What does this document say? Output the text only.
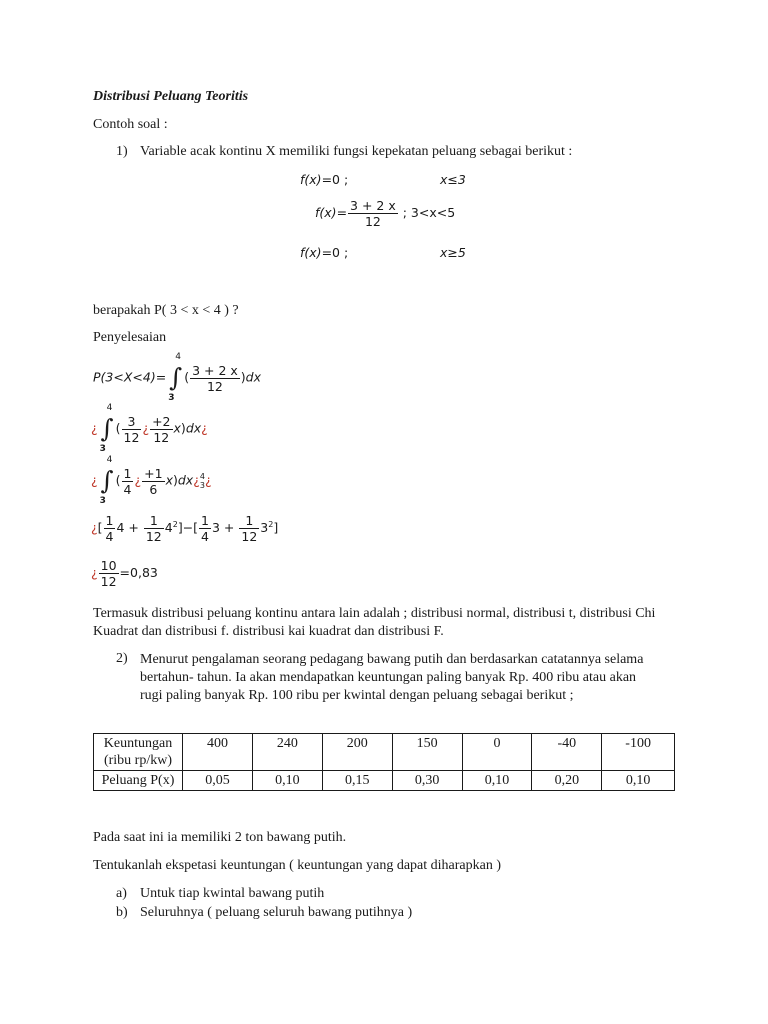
Distribusi Peluang Teoritis
Contoh soal :
1) Variable acak kontinu X memiliki fungsi kepekatan peluang sebagai berikut :
f(x)=0 ;	x≤3
$f(x)= \frac{3 + 2 x}{12}$ ; 3<x<5
f(x)=0 ;	x≥5
berapakah P( 3 < x < 4 ) ?
Penyelesaian
P(3<X<4)=
4
∫
3
( $\frac{3 + 2 x}{12} )dx$
¿
4
∫
3
( $\frac{3}{12}$ ¿ $\frac{+2}{12}$ x)dx¿
¿
4
∫
3
( $\frac{1}{4}$ ¿ $\frac{+1}{6}$ x)dx¿ 4
3 ¿
¿[ $\frac{1}{4} 4 + \frac{1}{12} 4^2]-[ \frac{1}{4} 3 + \frac{1}{12} 3^2]$
¿ $\frac{10}{12} =0,83$
Termasuk distribusi peluang kontinu antara lain adalah ; distribusi normal, distribusi t, distribusi Chi Kuadrat dan distribusi f. distribusi kai kuadrat dan distribusi F.
2) Menurut pengalaman seorang pedagang bawang putih dan berdasarkan catatannya selama bertahun- tahun. Ia akan mendapatkan keuntungan paling banyak Rp. 400 ribu atau akan rugi paling banyak Rp. 100 ribu per kwintal dengan peluang sebagai berikut ;
Keuntungan (ribu rp/kw)	400	240	200	150	0	-40	-100
Peluang P(x)	0,05	0,10	0,15	0,30	0,10	0,20	0,10
Pada saat ini ia memiliki 2 ton bawang putih.
Tentukanlah ekspetasi keuntungan ( keuntungan yang dapat diharapkan )
a) Untuk tiap kwintal bawang putih
b) Seluruhnya ( peluang seluruh bawang putihnya )
